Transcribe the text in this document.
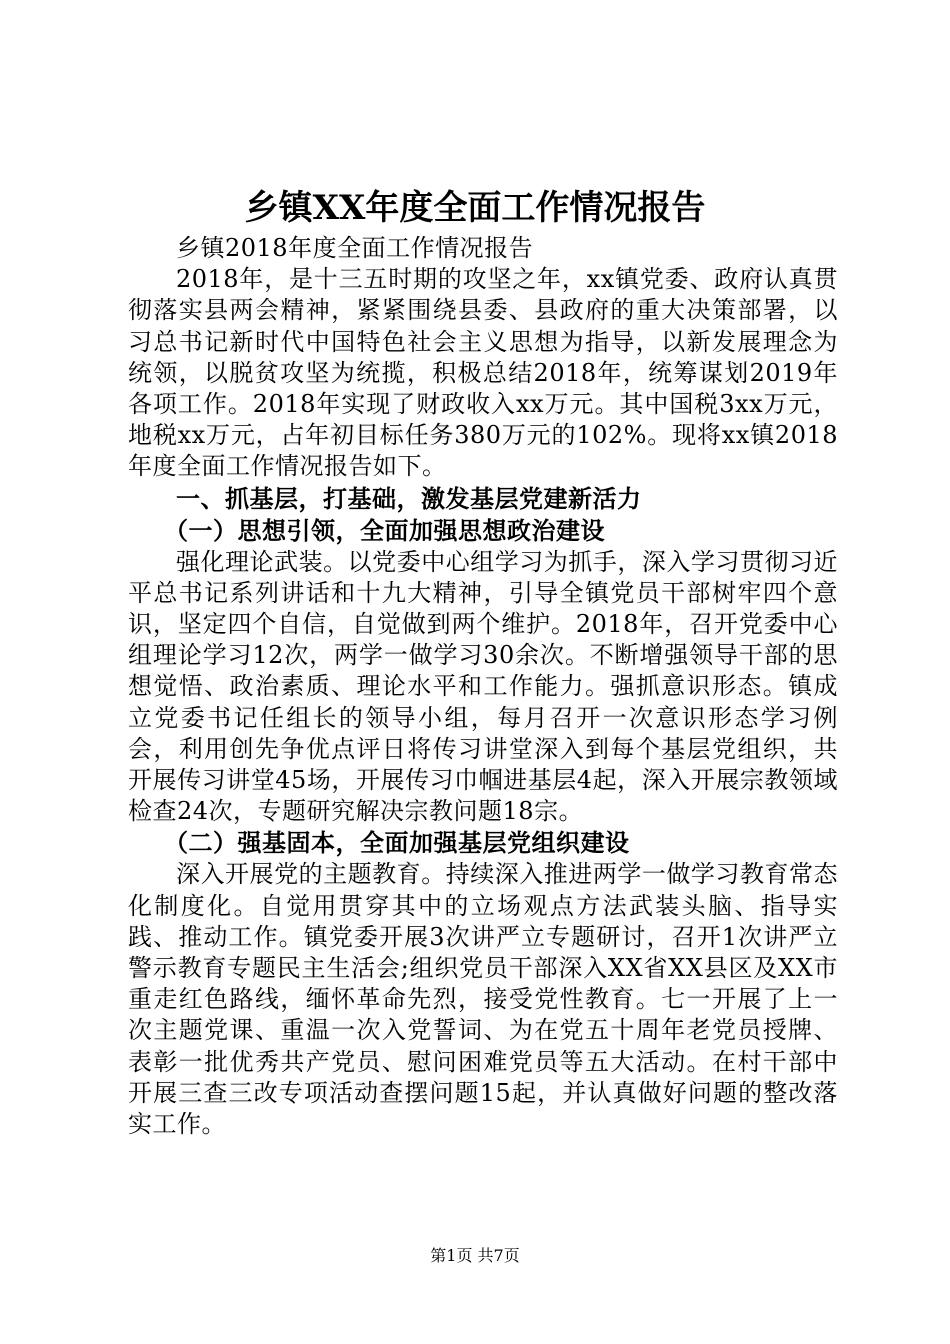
乡镇XX年度全面工作情况报告

乡镇2018年度全面工作情况报告

2018年，是十三五时期的攻坚之年，xx镇党委、政府认真贯彻落实县两会精神，紧紧围绕县委、县政府的重大决策部署，以习总书记新时代中国特色社会主义思想为指导，以新发展理念为统领，以脱贫攻坚为统揽，积极总结2018年，统筹谋划2019年各项工作。2018年实现了财政收入xx万元。其中国税3xx万元，地税xx万元，占年初目标任务380万元的102%。现将xx镇2018年度全面工作情况报告如下。

一、抓基层，打基础，激发基层党建新活力
（一）思想引领，全面加强思想政治建设

强化理论武装。以党委中心组学习为抓手，深入学习贯彻习近平总书记系列讲话和十九大精神，引导全镇党员干部树牢四个意识，坚定四个自信，自觉做到两个维护。2018年，召开党委中心组理论学习12次，两学一做学习30余次。不断增强领导干部的思想觉悟、政治素质、理论水平和工作能力。强抓意识形态。镇成立党委书记任组长的领导小组，每月召开一次意识形态学习例会，利用创先争优点评日将传习讲堂深入到每个基层党组织，共开展传习讲堂45场，开展传习巾帼进基层4起，深入开展宗教领域检查24次，专题研究解决宗教问题18宗。

（二）强基固本，全面加强基层党组织建设

深入开展党的主题教育。持续深入推进两学一做学习教育常态化制度化。自觉用贯穿其中的立场观点方法武装头脑、指导实践、推动工作。镇党委开展3次讲严立专题研讨，召开1次讲严立警示教育专题民主生活会;组织党员干部深入XX省XX县区及XX市重走红色路线，缅怀革命先烈，接受党性教育。七一开展了上一次主题党课、重温一次入党誓词、为在党五十周年老党员授牌、表彰一批优秀共产党员、慰问困难党员等五大活动。在村干部中开展三查三改专项活动查摆问题15起，并认真做好问题的整改落实工作。

第1页 共7页
